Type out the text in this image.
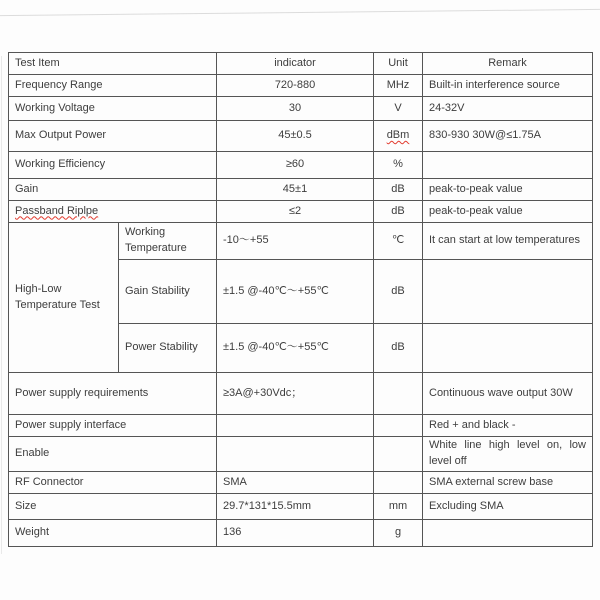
Test Item		indicator	Unit	Remark
Frequency Range		720-880	MHz	Built-in interference source
Working Voltage		30	V	24-32V
Max Output Power		45±0.5	dBm	830-930 30W@≤1.75A
Working Efficiency		≥60	%	
Gain		45±1	dB	peak-to-peak value
Passband Riplpe		≤2	dB	peak-to-peak value
High-Low Temperature Test	Working Temperature	-10～+55	℃	It can start at low temperatures
	Gain Stability	±1.5 @-40℃～+55℃	dB	
	Power Stability	±1.5 @-40℃～+55℃	dB	
Power supply requirements		≥3A@+30Vdc；		Continuous wave output 30W
Power supply interface				Red + and black -
Enable				White line high level on, low level off
RF Connector		SMA		SMA external screw base
Size		29.7*131*15.5mm	mm	Excluding SMA
Weight		136	g	
